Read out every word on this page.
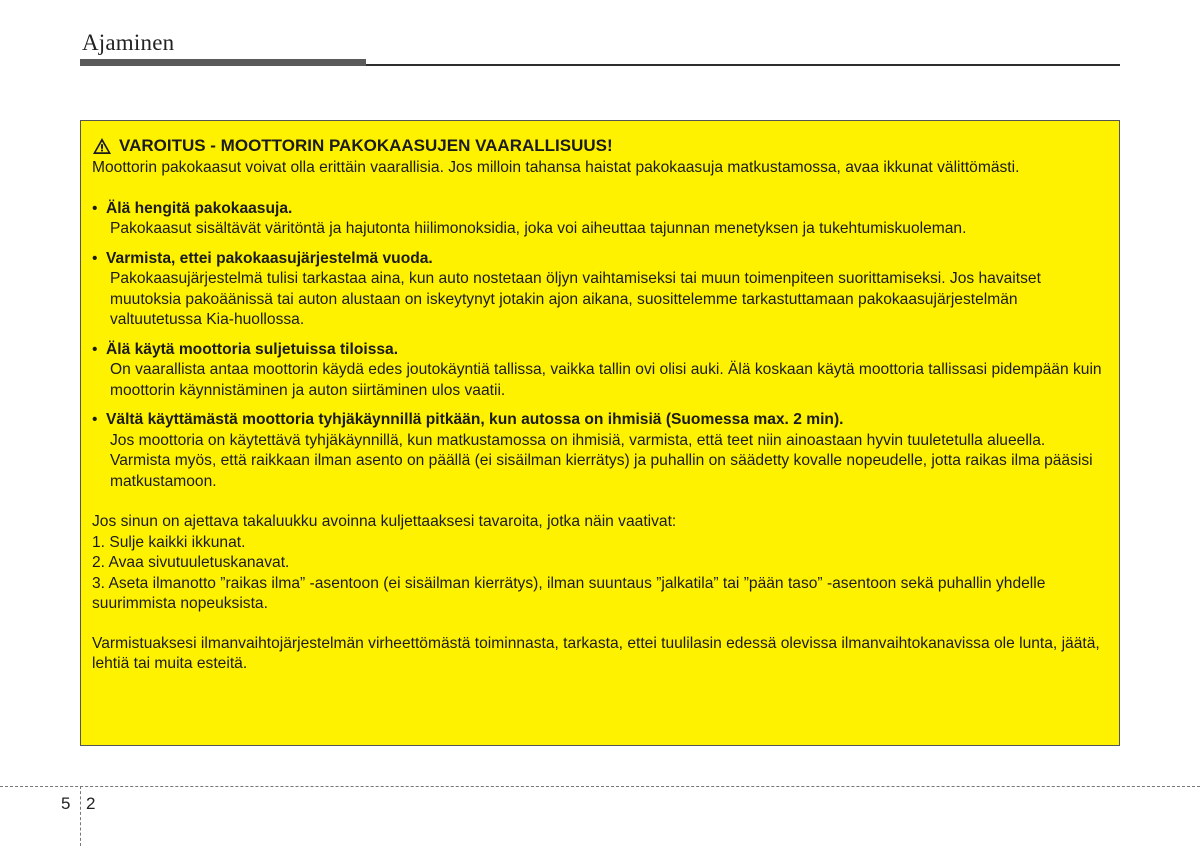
Ajaminen
VAROITUS - MOOTTORIN PAKOKAASUJEN VAARALLISUUS!

Moottorin pakokaasut voivat olla erittäin vaarallisia. Jos milloin tahansa haistat pakokaasuja matkustamossa, avaa ikkunat välittömästi.

• Älä hengitä pakokaasuja.
Pakokaasut sisältävät väritöntä ja hajutonta hiilimonoksidia, joka voi aiheuttaa tajunnan menetyksen ja tukehtumiskuoleman.
• Varmista, ettei pakokaasujärjestelmä vuoda.
Pakokaasujärjestelmä tulisi tarkastaa aina, kun auto nostetaan öljyn vaihtamiseksi tai muun toimenpiteen suorittamiseksi. Jos havaitset muutoksia pakoäänissä tai auton alustaan on iskeytynyt jotakin ajon aikana, suosittelemme tarkastuttamaan pakokaasujärjestelmän valtuutetussa Kia-huollossa.
• Älä käytä moottoria suljetuissa tiloissa.
On vaarallista antaa moottorin käydä edes joutokäyntiä tallissa, vaikka tallin ovi olisi auki. Älä koskaan käytä moottoria tallissasi pidempään kuin moottorin käynnistäminen ja auton siirtäminen ulos vaatii.
• Vältä käyttämästä moottoria tyhjäkäynnillä pitkään, kun autossa on ihmisiä (Suomessa max. 2 min).
Jos moottoria on käytettävä tyhjäkäynnillä, kun matkustamossa on ihmisiä, varmista, että teet niin ainoastaan hyvin tuuletetulla alueella. Varmista myös, että raikkaan ilman asento on päällä (ei sisäilman kierrätys) ja puhallin on säädetty kovalle nopeudelle, jotta raikas ilma pääsisi matkustamoon.

Jos sinun on ajettava takaluukku avoinna kuljettaaksesi tavaroita, jotka näin vaativat:

1. Sulje kaikki ikkunat.

2. Avaa sivutuuletuskanavat.

3. Aseta ilmanotto ”raikas ilma” -asentoon (ei sisäilman kierrätys), ilman suuntaus ”jalkatila” tai ”pään taso” -asentoon sekä puhallin yhdelle suurimmista nopeuksista.

Varmistuaksesi ilmanvaihtojärjestelmän virheettömästä toiminnasta, tarkasta, ettei tuulilasin edessä olevissa ilmanvaihtokanavissa ole lunta, jäätä, lehtiä tai muita esteitä.

5 2
